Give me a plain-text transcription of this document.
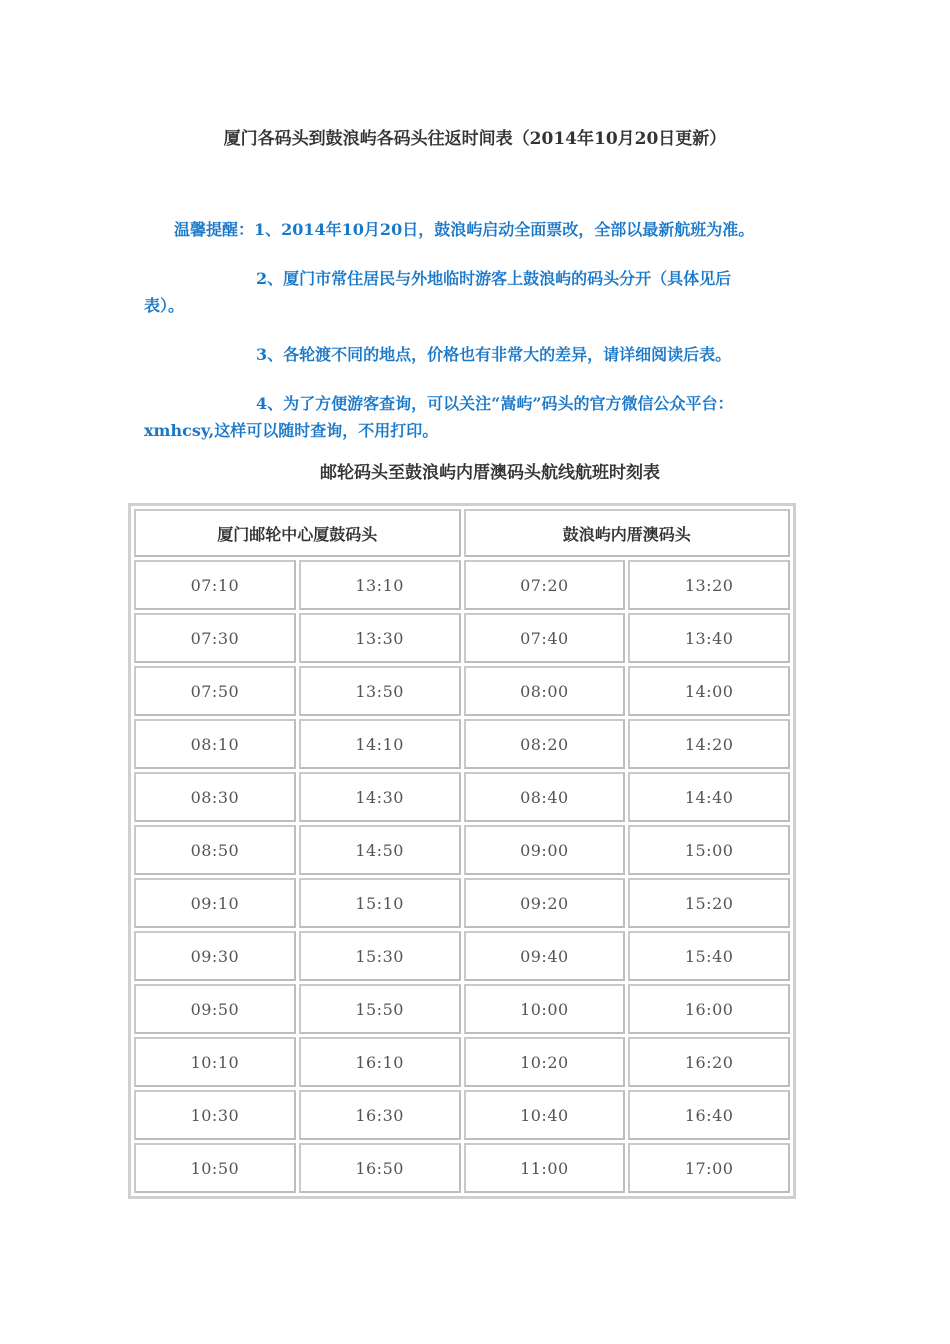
厦门各码头到鼓浪屿各码头往返时间表（2014年10月20日更新）

温馨提醒：1、2014年10月20日，鼓浪屿启动全面票改，全部以最新航班为准。

2、厦门市常住居民与外地临时游客上鼓浪屿的码头分开（具体见后

表）。

3、各轮渡不同的地点，价格也有非常大的差异，请详细阅读后表。

4、为了方便游客查询，可以关注“嵩屿”码头的官方微信公众平台：

xmhcsy,这样可以随时查询，不用打印。

邮轮码头至鼓浪屿内厝澳码头航线航班时刻表
厦门邮轮中心厦鼓码头		鼓浪屿内厝澳码头	
07:10	13:10	07:20	13:20
07:30	13:30	07:40	13:40
07:50	13:50	08:00	14:00
08:10	14:10	08:20	14:20
08:30	14:30	08:40	14:40
08:50	14:50	09:00	15:00
09:10	15:10	09:20	15:20
09:30	15:30	09:40	15:40
09:50	15:50	10:00	16:00
10:10	16:10	10:20	16:20
10:30	16:30	10:40	16:40
10:50	16:50	11:00	17:00
